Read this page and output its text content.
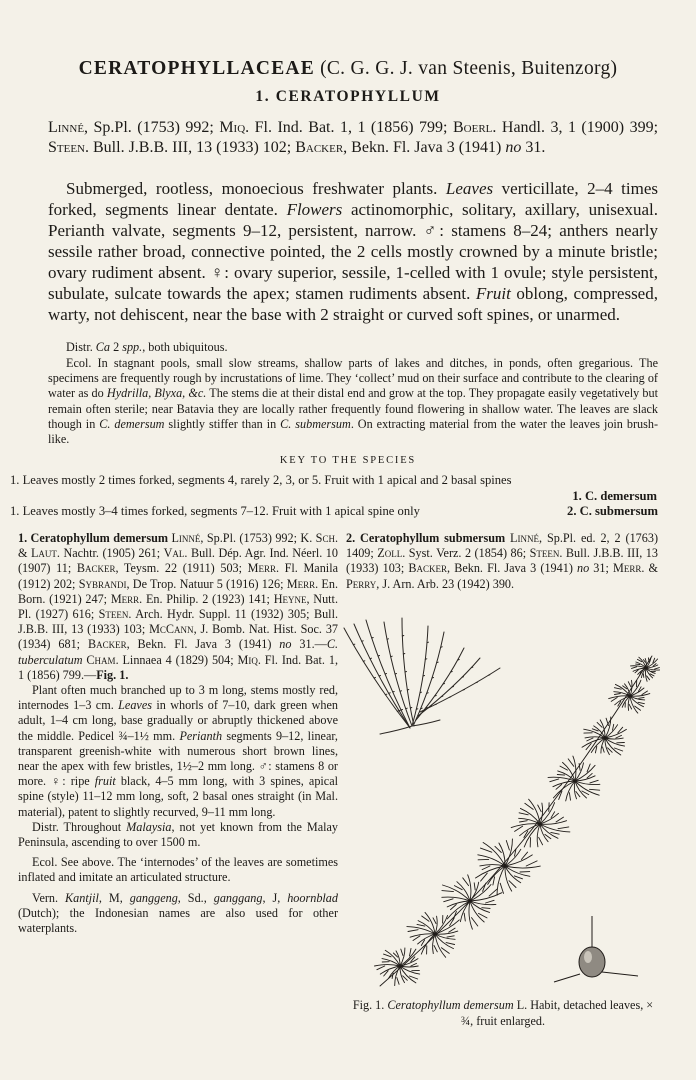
CERATOPHYLLACEAE (C. G. G. J. van Steenis, Buitenzorg)
1. CERATOPHYLLUM
Linné, Sp.Pl. (1753) 992; Miq. Fl. Ind. Bat. 1, 1 (1856) 799; Boerl. Handl. 3, 1 (1900) 399; Steen. Bull. J.B.B. III, 13 (1933) 102; Backer, Bekn. Fl. Java 3 (1941) no 31.
Submerged, rootless, monoecious freshwater plants. Leaves verticillate, 2–4 times forked, segments linear dentate. Flowers actinomorphic, solitary, axillary, unisexual. Perianth valvate, segments 9–12, persistent, narrow. ♂: stamens 8–24; anthers nearly sessile rather broad, connective pointed, the 2 cells mostly crowned by a minute bristle; ovary rudiment absent. ♀: ovary superior, sessile, 1-celled with 1 ovule; style persistent, subulate, sulcate towards the apex; stamen rudiments absent. Fruit oblong, compressed, warty, not dehiscent, near the base with 2 straight or curved soft spines, or unarmed.
Distr. Ca 2 spp., both ubiquitous.
Ecol. In stagnant pools, small slow streams, shallow parts of lakes and ditches, in ponds, often gregarious. The specimens are frequently rough by incrustations of lime. They ‘collect’ mud on their surface and contribute to the clearing of water as do Hydrilla, Blyxa, &c. The stems die at their distal end and grow at the top. They propagate easily vegetatively but remain often sterile; near Batavia they are locally rather frequently found flowering in shallow water. The leaves are slack though in C. demersum slightly stiffer than in C. submersum. On extracting material from the water the leaves join brush-like.
KEY TO THE SPECIES
1. Leaves mostly 2 times forked, segments 4, rarely 2, 3, or 5. Fruit with 1 apical and 2 basal spines
1. C. demersum
1. Leaves mostly 3–4 times forked, segments 7–12. Fruit with 1 apical spine only	2. C. submersum

1. Ceratophyllum demersum Linné, Sp.Pl. (1753) 992; K. Sch. & Laut. Nachtr. (1905) 261; Val. Bull. Dép. Agr. Ind. Néerl. 10 (1907) 11; Backer, Teysm. 22 (1911) 503; Merr. Fl. Manila (1912) 202; Sybrandi, De Trop. Natuur 5 (1916) 126; Merr. En. Born. (1921) 247; Merr. En. Philip. 2 (1923) 141; Heyne, Nutt. Pl. (1927) 616; Steen. Arch. Hydr. Suppl. 11 (1932) 305; Bull. J.B.B. III, 13 (1933) 103; McCann, J. Bomb. Nat. Hist. Soc. 37 (1934) 681; Backer, Bekn. Fl. Java 3 (1941) no 31.—C. tuberculatum Cham. Linnaea 4 (1829) 504; Miq. Fl. Ind. Bat. 1, 1 (1856) 799.—Fig. 1.

Plant often much branched up to 3 m long, stems mostly red, internodes 1–3 cm. Leaves in whorls of 7–10, dark green when adult, 1–4 cm long, base gradually or abruptly thickened above the middle. Pedicel ¾–1½ mm. Perianth segments 9–12, linear, transparent greenish-white with numerous short brown lines, near the apex with few bristles, 1½–2 mm long. ♂: stamens 8 or more. ♀: ripe fruit black, 4–5 mm long, with 3 spines, apical spine (style) 11–12 mm long, soft, 2 basal ones straight (in Mal. material), patent to slightly recurved, 9–11 mm long.

Distr. Throughout Malaysia, not yet known from the Malay Peninsula, ascending to over 1500 m.

Ecol. See above. The ‘internodes’ of the leaves are sometimes inflated and imitate an articulated structure.

Vern. Kantjil, M, ganggeng, Sd., ganggang, J, hoornblad (Dutch); the Indonesian names are also used for other waterplants.

2. Ceratophyllum submersum Linné, Sp.Pl. ed. 2, 2 (1763) 1409; Zoll. Syst. Verz. 2 (1854) 86; Steen. Bull. J.B.B. III, 13 (1933) 103; Backer, Bekn. Fl. Java 3 (1941) no 31; Merr. & Perry, J. Arn. Arb. 23 (1942) 390.

Fig. 1. Ceratophyllum demersum L. Habit, detached leaves, × ¾, fruit enlarged.
